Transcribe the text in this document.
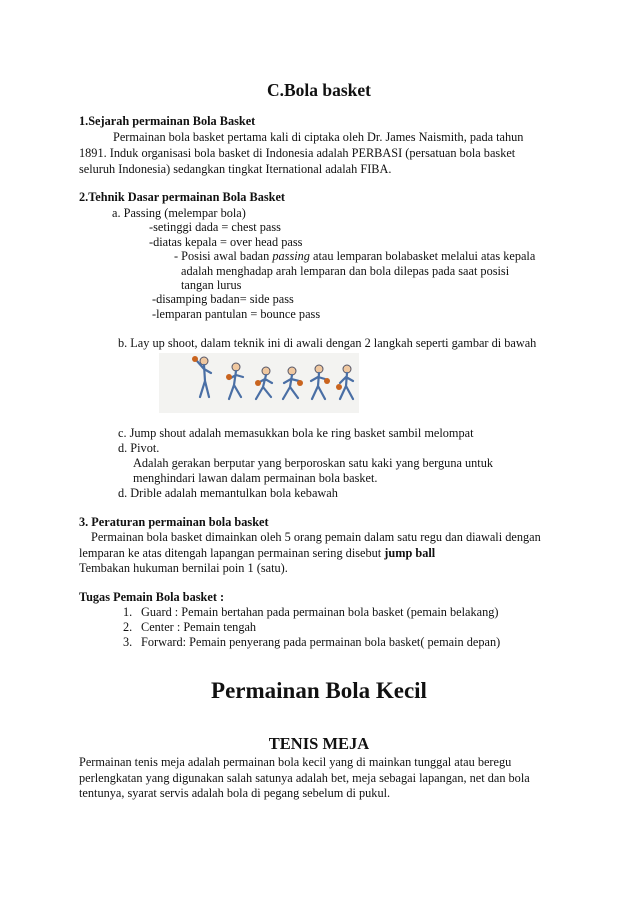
C.Bola basket
1.Sejarah permainan Bola Basket
Permainan bola basket pertama kali di ciptaka oleh Dr. James Naismith, pada tahun
1891. Induk organisasi bola basket di Indonesia adalah PERBASI (persatuan bola basket
seluruh Indonesia) sedangkan tingkat Iternational adalah FIBA.
2.Tehnik Dasar permainan Bola Basket
a. Passing (melempar bola)
-setinggi dada = chest pass
-diatas kepala = over head pass
- Posisi awal badan passing atau lemparan bolabasket melalui atas kepala
adalah menghadap arah lemparan dan bola dilepas pada saat posisi
tangan lurus
-disamping badan= side pass
-lemparan pantulan = bounce pass
b. Lay up shoot, dalam teknik ini di awali dengan 2 langkah seperti gambar di bawah
c. Jump shout adalah memasukkan bola ke ring basket sambil melompat
d. Pivot.
Adalah gerakan berputar yang berporoskan satu kaki yang berguna untuk
menghindari lawan dalam permainan bola basket.
d. Drible adalah memantulkan bola kebawah
3. Peraturan permainan bola basket
Permainan bola basket dimainkan oleh 5 orang pemain dalam satu regu dan diawali dengan
lemparan ke atas ditengah lapangan permainan sering disebut jump ball
Tembakan hukuman bernilai poin 1 (satu).
Tugas Pemain Bola basket :
1. Guard : Pemain bertahan pada permainan bola basket (pemain belakang)
2. Center : Pemain tengah
3. Forward: Pemain penyerang pada permainan bola basket( pemain depan)
Permainan Bola Kecil
TENIS MEJA
Permainan tenis meja adalah permainan bola kecil yang di mainkan tunggal atau beregu
perlengkatan yang digunakan salah satunya adalah bet, meja sebagai lapangan, net dan bola
tentunya, syarat servis adalah bola di pegang sebelum di pukul.
